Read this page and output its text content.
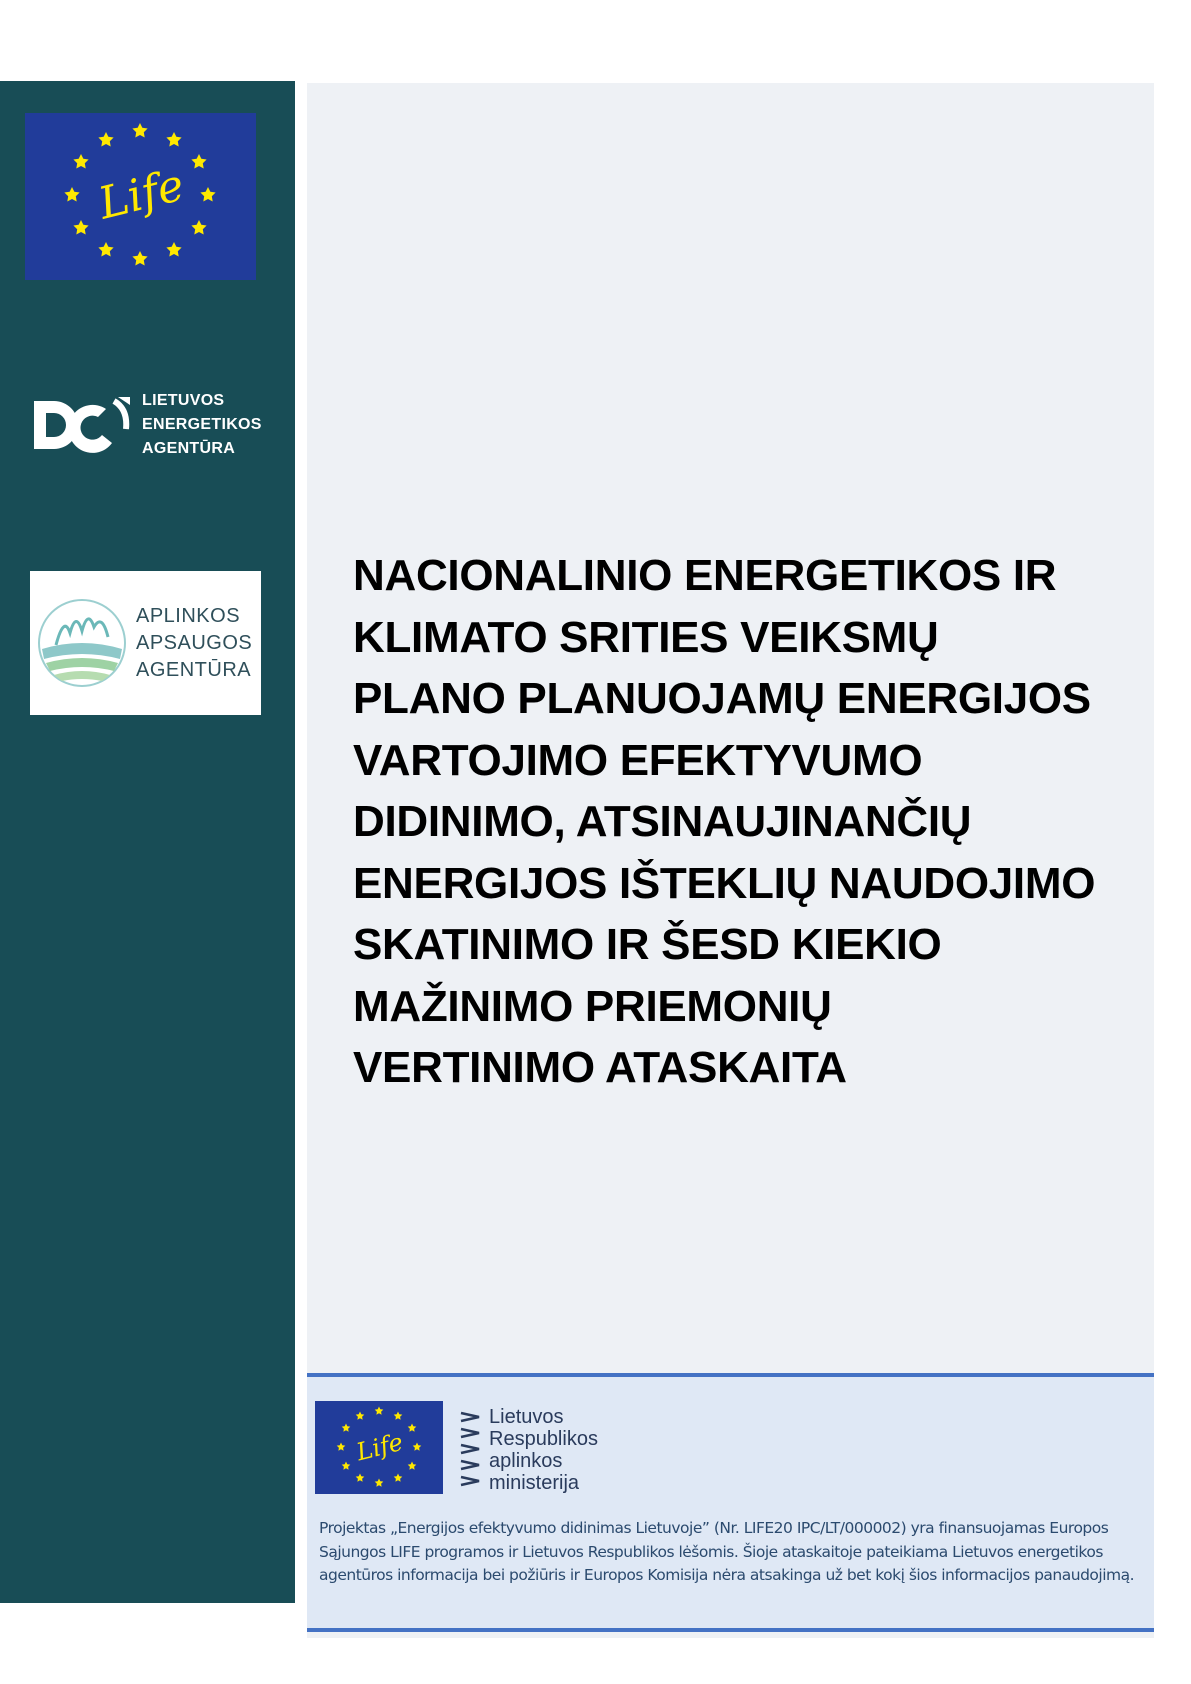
Life
LIETUVOS
ENERGETIKOS
AGENTŪRA
APLINKOS
APSAUGOS
AGENTŪRA
NACIONALINIO ENERGETIKOS IR
KLIMATO SRITIES VEIKSMŲ
PLANO PLANUOJAMŲ ENERGIJOS
VARTOJIMO EFEKTYVUMO
DIDINIMO, ATSINAUJINANČIŲ
ENERGIJOS IŠTEKLIŲ NAUDOJIMO
SKATINIMO IR ŠESD KIEKIO
MAŽINIMO PRIEMONIŲ
VERTINIMO ATASKAITA
Life
Lietuvos
Respublikos
aplinkos
ministerija
Projektas „Energijos efektyvumo didinimas Lietuvoje” (Nr. LIFE20 IPC/LT/000002) yra finansuojamas Europos Sąjungos LIFE programos ir Lietuvos Respublikos lėšomis. Šioje ataskaitoje pateikiama Lietuvos energetikos agentūros informacija bei požiūris ir Europos Komisija nėra atsakinga už bet kokį šios informacijos panaudojimą.
